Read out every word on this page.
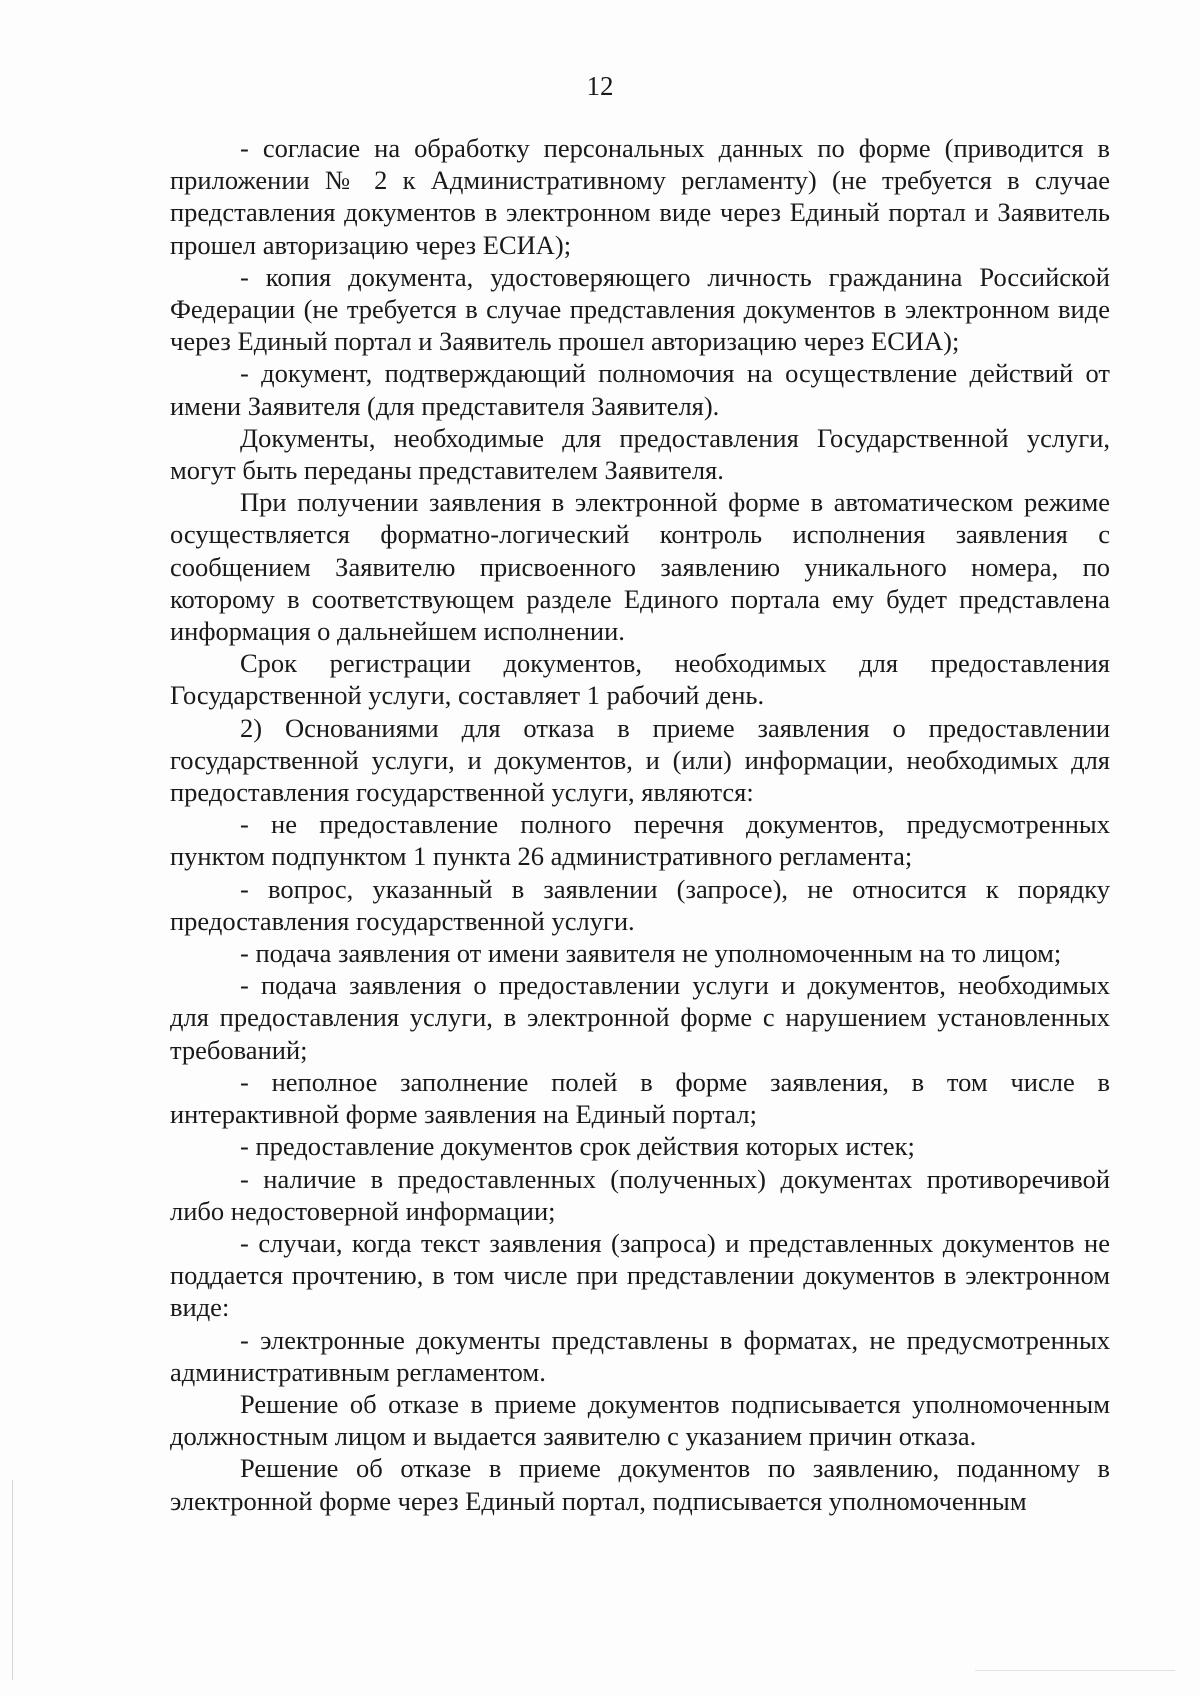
12

- согласие на обработку персональных данных по форме (приводится в приложении № 2 к Административному регламенту) (не требуется в случае представления документов в электронном виде через Единый портал и Заявитель прошел авторизацию через ЕСИА);

- копия документа, удостоверяющего личность гражданина Российской Федерации (не требуется в случае представления документов в электронном виде через Единый портал и Заявитель прошел авторизацию через ЕСИА);

- документ, подтверждающий полномочия на осуществление действий от имени Заявителя (для представителя Заявителя).

Документы, необходимые для предоставления Государственной услуги, могут быть переданы представителем Заявителя.

При получении заявления в электронной форме в автоматическом режиме осуществляется форматно-логический контроль исполнения заявления с сообщением Заявителю присвоенного заявлению уникального номера, по которому в соответствующем разделе Единого портала ему будет представлена информация о дальнейшем исполнении.

Срок регистрации документов, необходимых для предоставления Государственной услуги, составляет 1 рабочий день.

2) Основаниями для отказа в приеме заявления о предоставлении государственной услуги, и документов, и (или) информации, необходимых для предоставления государственной услуги, являются:

- не предоставление полного перечня документов, предусмотренных пунктом подпунктом 1 пункта 26 административного регламента;

- вопрос, указанный в заявлении (запросе), не относится к порядку предоставления государственной услуги.

- подача заявления от имени заявителя не уполномоченным на то лицом;

- подача заявления о предоставлении услуги и документов, необходимых для предоставления услуги, в электронной форме с нарушением установленных требований;

- неполное заполнение полей в форме заявления, в том числе в интерактивной форме заявления на Единый портал;

- предоставление документов срок действия которых истек;

- наличие в предоставленных (полученных) документах противоречивой либо недостоверной информации;

- случаи, когда текст заявления (запроса) и представленных документов не поддается прочтению, в том числе при представлении документов в электронном виде:

- электронные документы представлены в форматах, не предусмотренных административным регламентом.

Решение об отказе в приеме документов подписывается уполномоченным должностным лицом и выдается заявителю с указанием причин отказа.

Решение об отказе в приеме документов по заявлению, поданному в электронной форме через Единый портал, подписывается уполномоченным
